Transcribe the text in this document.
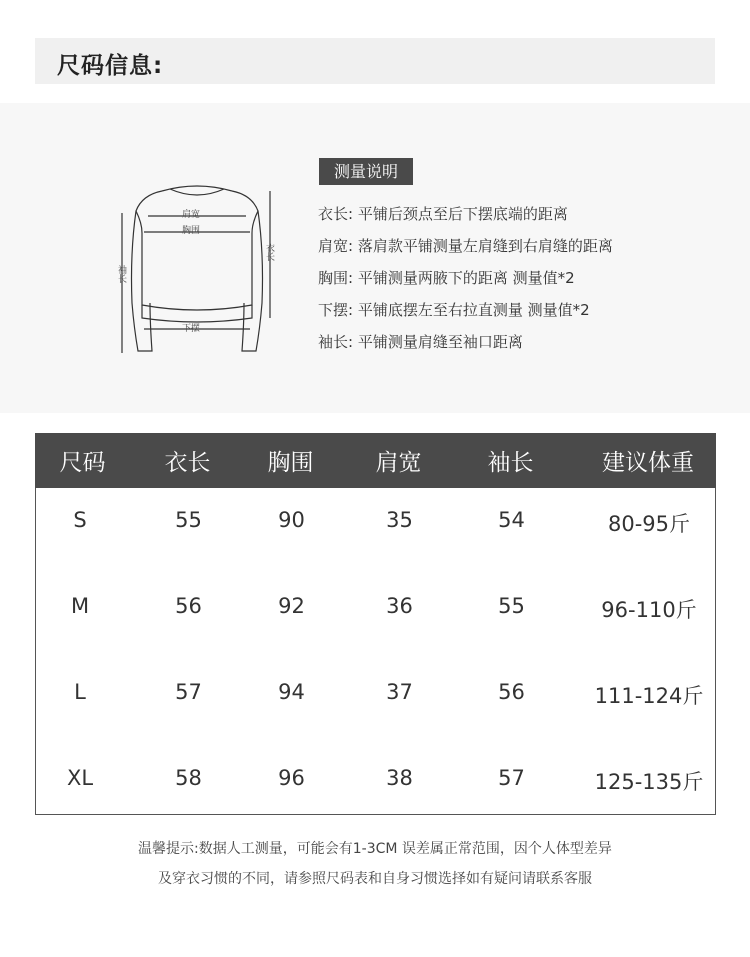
尺码信息:
肩宽
胸围
衣长
袖长
下摆
测量说明
衣长: 平铺后颈点至后下摆底端的距离
肩宽: 落肩款平铺测量左肩缝到右肩缝的距离
胸围: 平铺测量两腋下的距离 测量值*2
下摆: 平铺底摆左至右拉直测量 测量值*2
袖长: 平铺测量肩缝至袖口距离
尺码	衣长	胸围	肩宽	袖长	建议体重
S	55	90	35	54	80-95斤
M	56	92	36	55	96-110斤
L	57	94	37	56	111-124斤
XL	58	96	38	57	125-135斤
温馨提示:数据人工测量，可能会有1-3CM 误差属正常范围，因个人体型差异
及穿衣习惯的不同，请参照尺码表和自身习惯选择如有疑问请联系客服
